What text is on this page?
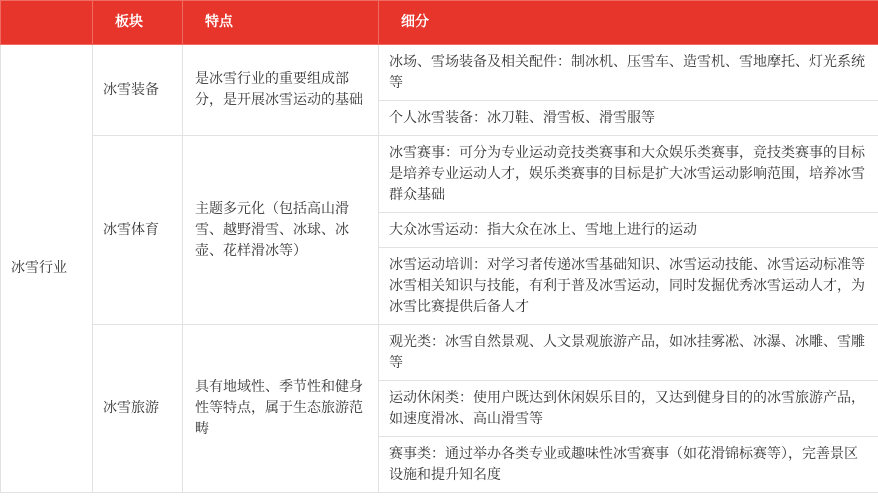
	板块	特点	细分
冰雪行业	冰雪装备	是冰雪行业的重要组成部分，是开展冰雪运动的基础	冰场、雪场装备及相关配件：制冰机、压雪车、造雪机、雪地摩托、灯光系统等
			个人冰雪装备：冰刀鞋、滑雪板、滑雪服等
	冰雪体育	主题多元化（包括高山滑雪、越野滑雪、冰球、冰壶、花样滑冰等）	冰雪赛事：可分为专业运动竞技类赛事和大众娱乐类赛事，竞技类赛事的目标是培养专业运动人才，娱乐类赛事的目标是扩大冰雪运动影响范围，培养冰雪群众基础
			大众冰雪运动：指大众在冰上、雪地上进行的运动
			冰雪运动培训：对学习者传递冰雪基础知识、冰雪运动技能、冰雪运动标准等冰雪相关知识与技能，有利于普及冰雪运动，同时发掘优秀冰雪运动人才，为冰雪比赛提供后备人才
	冰雪旅游	具有地域性、季节性和健身性等特点，属于生态旅游范畴	观光类：冰雪自然景观、人文景观旅游产品，如冰挂雾凇、冰瀑、冰雕、雪雕等
			运动休闲类：使用户既达到休闲娱乐目的，又达到健身目的的冰雪旅游产品，如速度滑冰、高山滑雪等
			赛事类：通过举办各类专业或趣味性冰雪赛事（如花滑锦标赛等），完善景区设施和提升知名度
